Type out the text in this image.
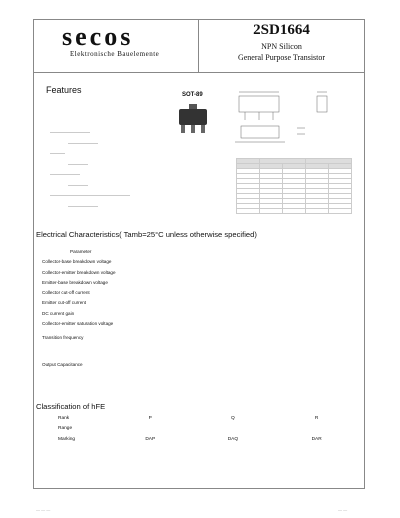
secos
Elektronische Bauelemente
2SD1664
NPN Silicon
General Purpose Transistor
Features	SOT-89
————————
——————
———
————
——————
————
————————————————
——————

Electrical Characteristics( Tamb=25°C unless otherwise specified)
Parameter
Collector-base breakdown voltage
Collector-emitter breakdown voltage
Emitter-base breakdown voltage
Collector cut-off current
Emitter cut-off current
DC current gain
Collector-emitter saturation voltage
Transition frequency
Output Capacitance
Classification of hFE
Rank	P	Q	R
Range			
Marking	DAP	DAQ	DAR
— — —	— —
